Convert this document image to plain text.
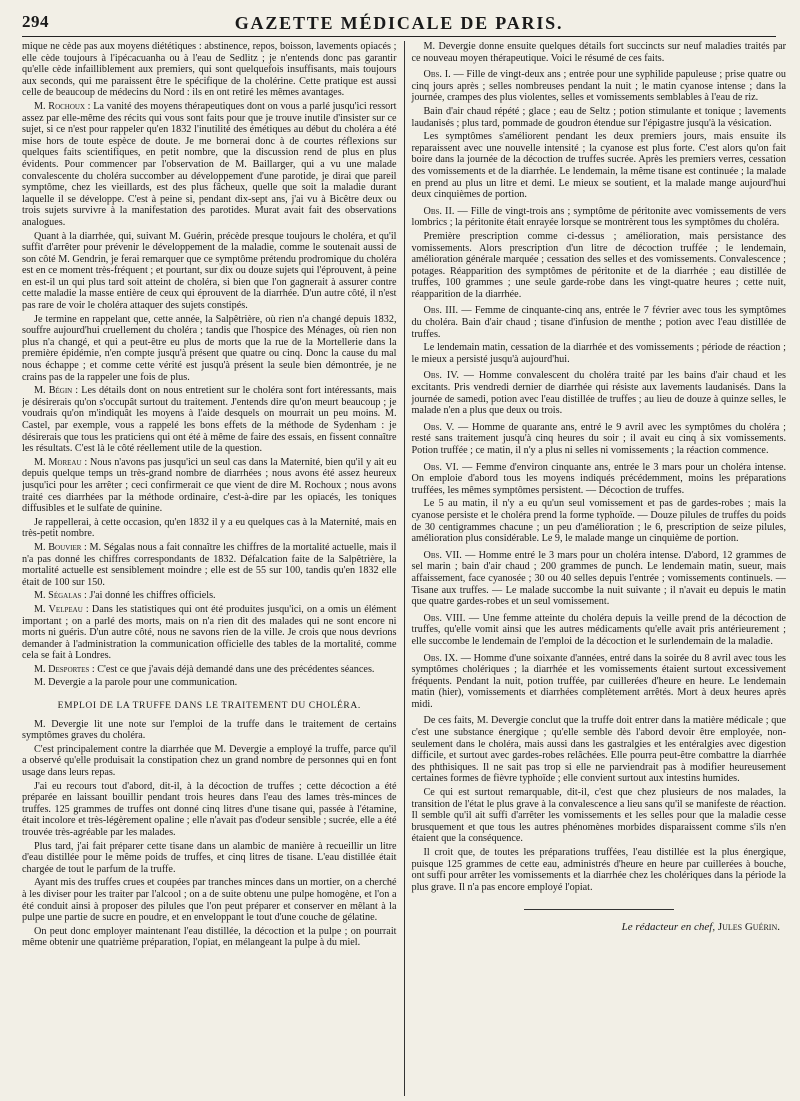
294	GAZETTE MÉDICALE DE PARIS.

mique ne cède pas aux moyens diététiques : abstinence, repos, boisson, lavements opiacés ; elle cède toujours à l'ipécacuanha ou à l'eau de Sedlitz ; je n'entends donc pas garantir qu'elle cède infailliblement aux premiers, qui sont quelquefois insuffisants, mais toujours aux seconds, qui me paraissent être le spécifique de la cholérine. Cette pratique est aussi celle de beaucoup de médecins du Nord : ils en ont retiré les mêmes avantages.

M. Rochoux : La vanité des moyens thérapeutiques dont on vous a parlé jusqu'ici ressort assez par elle-même des récits qui vous sont faits pour que je trouve inutile d'insister sur ce sujet, si ce n'est pour rappeler qu'en 1832 l'inutilité des émétiques au début du choléra a été mise hors de toute espèce de doute. Je me bornerai donc à de courtes réflexions sur quelques faits scientifiques, en petit nombre, que la discussion rend de plus en plus évidents. Pour commencer par l'observation de M. Baillarger, qui a vu une malade convalescente du choléra succomber au développement d'une parotide, je dirai que pareil symptôme, chez les vieillards, est des plus fâcheux, quelle que soit la maladie durant laquelle il se développe. C'est à peine si, pendant dix-sept ans, j'ai vu à Bicêtre deux ou trois sujets survivre à la manifestation des parotides. Murat avait fait des observations analogues.

Quant à la diarrhée, qui, suivant M. Guérin, précède presque toujours le choléra, et qu'il suffit d'arrêter pour prévenir le développement de la maladie, comme le soutenait aussi de son côté M. Gendrin, je ferai remarquer que ce symptôme prétendu prodromique du choléra est en ce moment très-fréquent ; et pourtant, sur dix ou douze sujets qui l'éprouvent, à peine en est-il un qui plus tard soit atteint de choléra, si bien que l'on gagnerait à assurer contre cette maladie la masse entière de ceux qui éprouvent de la diarrhée. D'un autre côté, il n'est pas rare de voir le choléra attaquer des sujets constipés.

Je termine en rappelant que, cette année, la Salpêtrière, où rien n'a changé depuis 1832, souffre aujourd'hui cruellement du choléra ; tandis que l'hospice des Ménages, où rien non plus n'a changé, et qui a peut-être eu plus de morts que la rue de la Mortellerie dans la première épidémie, n'en compte jusqu'à présent que quatre ou cinq. Donc la cause du mal nous échappe ; et comme cette vérité est jusqu'à présent la seule bien démontrée, je ne crains pas de la rappeler une fois de plus.

M. Bégin : Les détails dont on nous entretient sur le choléra sont fort intéressants, mais je désirerais qu'on s'occupât surtout du traitement. J'entends dire qu'on meurt beaucoup ; je voudrais qu'on m'indiquât les moyens à l'aide desquels on mourrait un peu moins. M. Castel, par exemple, vous a rappelé les bons effets de la méthode de Sydenham : je désirerais que tous les praticiens qui ont été à même de faire des essais, en fissent connaître les résultats. C'est là le côté réellement utile de la question.

M. Moreau : Nous n'avons pas jusqu'ici un seul cas dans la Maternité, bien qu'il y ait eu depuis quelque temps un très-grand nombre de diarrhées ; nous avons été assez heureux jusqu'ici pour les arrêter ; ceci confirmerait ce que vient de dire M. Rochoux ; nous avons traité ces diarrhées par la méthode ordinaire, c'est-à-dire par les opiacés, les toniques diffusibles et le sulfate de quinine.

Je rappellerai, à cette occasion, qu'en 1832 il y a eu quelques cas à la Maternité, mais en très-petit nombre.

M. Bouvier : M. Ségalas nous a fait connaître les chiffres de la mortalité actuelle, mais il n'a pas donné les chiffres correspondants de 1832. Défalcation faite de la Salpêtrière, la mortalité actuelle est sensiblement moindre ; elle est de 55 sur 100, tandis qu'en 1832 elle était de 100 sur 150.

M. Ségalas : J'ai donné les chiffres officiels.

M. Velpeau : Dans les statistiques qui ont été produites jusqu'ici, on a omis un élément important ; on a parlé des morts, mais on n'a rien dit des malades qui ne sont encore ni morts ni guéris. D'un autre côté, nous ne savons rien de la ville. Je crois que nous devrions demander à l'administration la communication officielle des tables de la mortalité, comme cela se fait à Londres.

M. Desportes : C'est ce que j'avais déjà demandé dans une des précédentes séances.

M. Devergie a la parole pour une communication.

EMPLOI DE LA TRUFFE DANS LE TRAITEMENT DU CHOLÉRA.

M. Devergie lit une note sur l'emploi de la truffe dans le traitement de certains symptômes graves du choléra.

C'est principalement contre la diarrhée que M. Devergie a employé la truffe, parce qu'il a observé qu'elle produisait la constipation chez un grand nombre de personnes qui en font usage dans leurs repas.

J'ai eu recours tout d'abord, dit-il, à la décoction de truffes ; cette décoction a été préparée en laissant bouillir pendant trois heures dans l'eau des lames très-minces de truffes. 125 grammes de truffes ont donné cinq litres d'une tisane qui, passée à l'étamine, était incolore et très-légèrement opaline ; elle n'avait pas d'odeur sensible ; sucrée, elle a été trouvée très-agréable par les malades.

Plus tard, j'ai fait préparer cette tisane dans un alambic de manière à recueillir un litre d'eau distillée pour le même poids de truffes, et cinq litres de tisane. L'eau distillée était chargée de tout le parfum de la truffe.

Ayant mis des truffes crues et coupées par tranches minces dans un mortier, on a cherché à les diviser pour les traiter par l'alcool ; on a de suite obtenu une pulpe homogène, et l'on a été conduit ainsi à proposer des pilules que l'on peut préparer et conserver en mêlant à la pulpe une partie de sucre en poudre, et en enveloppant le tout d'une couche de gélatine.

On peut donc employer maintenant l'eau distillée, la décoction et la pulpe ; on pourrait même obtenir une quatrième préparation, l'opiat, en mélangeant la pulpe à du miel.

M. Devergie donne ensuite quelques détails fort succincts sur neuf maladies traités par ce nouveau moyen thérapeutique. Voici le résumé de ces faits.

Obs. I. — Fille de vingt-deux ans ; entrée pour une syphilide papuleuse ; prise quatre ou cinq jours après ; selles nombreuses pendant la nuit ; le matin cyanose intense ; dans la journée, crampes des plus violentes, selles et vomissements semblables à l'eau de riz.

Bain d'air chaud répété ; glace ; eau de Seltz ; potion stimulante et tonique ; lavements laudanisés ; plus tard, pommade de goudron étendue sur l'épigastre jusqu'à la vésication.

Les symptômes s'améliorent pendant les deux premiers jours, mais ensuite ils reparaissent avec une nouvelle intensité ; la cyanose est plus forte. C'est alors qu'on fait boire dans la journée de la décoction de truffes sucrée. Après les premiers verres, cessation des vomissements et de la diarrhée. Le lendemain, la même tisane est continuée ; la malade en prend au plus un litre et demi. Le mieux se soutient, et la malade mange aujourd'hui deux cinquièmes de portion.

Obs. II. — Fille de vingt-trois ans ; symptôme de péritonite avec vomissements de vers lombrics ; la péritonite était enrayée lorsque se montrèrent tous les symptômes du choléra.

Première prescription comme ci-dessus ; amélioration, mais persistance des vomissements. Alors prescription d'un litre de décoction truffée ; le lendemain, amélioration générale marquée ; cessation des selles et des vomissements. Convalescence ; potages. Réapparition des symptômes de péritonite et de la diarrhée ; eau distillée de truffes, 100 grammes ; une seule garde-robe dans les vingt-quatre heures ; cette nuit, réapparition de la diarrhée.

Obs. III. — Femme de cinquante-cinq ans, entrée le 7 février avec tous les symptômes du choléra. Bain d'air chaud ; tisane d'infusion de menthe ; potion avec l'eau distillée de truffes.

Le lendemain matin, cessation de la diarrhée et des vomissements ; période de réaction ; le mieux a persisté jusqu'à aujourd'hui.

Obs. IV. — Homme convalescent du choléra traité par les bains d'air chaud et les excitants. Pris vendredi dernier de diarrhée qui résiste aux lavements laudanisés. Dans la journée de samedi, potion avec l'eau distillée de truffes ; au lieu de douze à quinze selles, le malade n'en a plus que deux ou trois.

Obs. V. — Homme de quarante ans, entré le 9 avril avec les symptômes du choléra ; resté sans traitement jusqu'à cinq heures du soir ; il avait eu cinq à six vomissements. Potion truffée ; ce matin, il n'y a plus ni selles ni vomissements ; la réaction commence.

Obs. VI. — Femme d'environ cinquante ans, entrée le 3 mars pour un choléra intense. On emploie d'abord tous les moyens indiqués précédemment, moins les préparations truffées, les mêmes symptômes persistent. — Décoction de truffes.

Le 5 au matin, il n'y a eu qu'un seul vomissement et pas de gardes-robes ; mais la cyanose persiste et le choléra prend la forme typhoïde. — Douze pilules de truffes du poids de 30 centigrammes chacune ; un peu d'amélioration ; le 6, prescription de seize pilules, amélioration plus considérable. Le 9, le malade mange un cinquième de portion.

Obs. VII. — Homme entré le 3 mars pour un choléra intense. D'abord, 12 grammes de sel marin ; bain d'air chaud ; 200 grammes de punch. Le lendemain matin, sueur, mais affaissement, face cyanosée ; 30 ou 40 selles depuis l'entrée ; vomissements continuels. — Tisane aux truffes. — Le malade succombe la nuit suivante ; il n'avait eu depuis le matin que quatre gardes-robes et un seul vomissement.

Obs. VIII. — Une femme atteinte du choléra depuis la veille prend de la décoction de truffes, qu'elle vomit ainsi que les autres médicaments qu'elle avait pris antérieurement ; elle succombe le lendemain de l'emploi de la décoction et le surlendemain de la maladie.

Obs. IX. — Homme d'une soixante d'années, entré dans la soirée du 8 avril avec tous les symptômes cholériques ; la diarrhée et les vomissements étaient surtout excessivement fréquents. Pendant la nuit, potion truffée, par cuillerées d'heure en heure. Le lendemain matin (hier), vomissements et diarrhées complètement arrêtés. Mort à deux heures après midi.

De ces faits, M. Devergie conclut que la truffe doit entrer dans la matière médicale ; que c'est une substance énergique ; qu'elle semble dès l'abord devoir être employée, non-seulement dans le choléra, mais aussi dans les gastralgies et les entéralgies avec digestion difficile, et surtout avec gardes-robes relâchées. Elle pourra peut-être combattre la diarrhée des phthisiques. Il ne sait pas trop si elle ne parviendrait pas à modifier heureusement certaines formes de fièvre typhoïde ; elle convient surtout aux intestins humides.

Ce qui est surtout remarquable, dit-il, c'est que chez plusieurs de nos malades, la transition de l'état le plus grave à la convalescence a lieu sans qu'il se manifeste de réaction. Il semble qu'il ait suffi d'arrêter les vomissements et les selles pour que la maladie cesse brusquement et que tous les autres phénomènes morbides disparaissent comme s'ils n'en étaient que la conséquence.

Il croit que, de toutes les préparations truffées, l'eau distillée est la plus énergique, puisque 125 grammes de cette eau, administrés d'heure en heure par cuillerées à bouche, ont suffi pour arrêter les vomissements et la diarrhée chez les cholériques dans la période la plus grave. Il n'a pas encore employé l'opiat.

Le rédacteur en chef, Jules Guérin.
